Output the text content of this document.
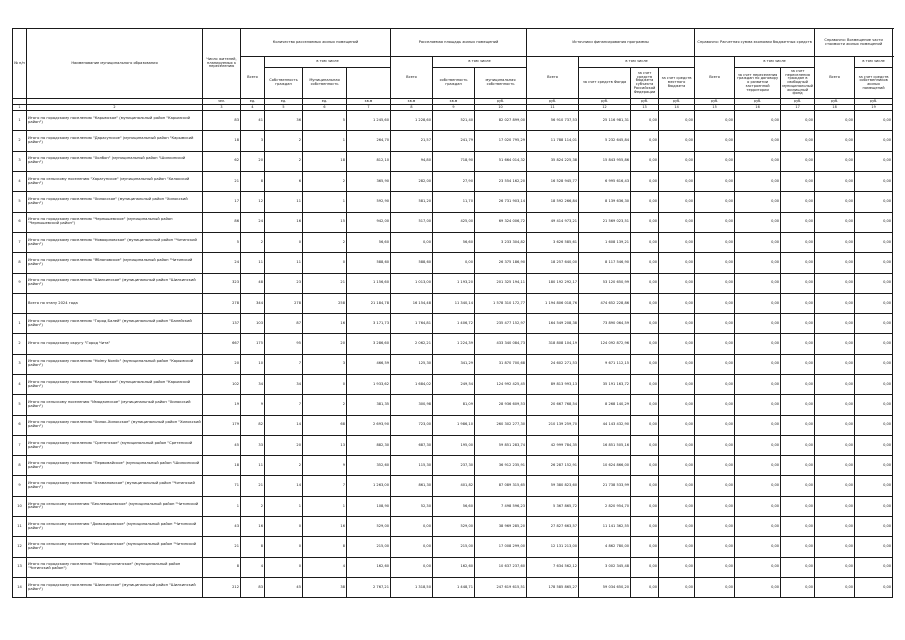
№ п/п	Наименование муниципального образования	Число жителей, планируемых к переселению	Количество расселяемых жилых помещений				Расселяемая площадь жилых помещений			Источники финансирования программы				Справочно: Расчетная сумма экономии бюджетных средств			Справочно: Возмещение части стоимости жилых помещений		
			Всего	в том числе			Всего	в том числе		Всего	в том числе			Всего	в том числе		Всего	в том числе	
				Собственность граждан	Муниципальная собственность			собственность граждан	муниципальная собственность		за счет средств Фонда	за счет средств бюджета субъекта Российской Федерации	за счет средств местного бюджета		за счет переселения граждан по договору о развитии застроенной территории	за счет переселения граждан в свободный муниципальный жилищный фонд		за счет средств собственников жилых помещений	
		чел.	ед.	ед.	ед.	кв.м	кв.м	кв.м	руб.	руб.	руб.	руб.	руб.	руб.	руб.	руб.	руб.	руб.	
1	2	3	4	5	6	7	8	9	10	11	12	13	14	15	16	17	18	19	
1	Итого по городскому поселению "Карымское" (муниципальный район "Карымский район")	83	41	36	5	1 245,60	1 228,60	521,40	82 027 899,00	56 910 737,53	25 116 981,31	0,00	0,00	0,00	0,00	0,00	0,00	0,00	
2	Итого по городскому поселению "Дарасунское" (муниципальный район "Карымский район")	18	3	2	1	264,70	21,57	241,79	17 020 795,29	11 788 114,01	5 232 645,84	0,00	0,00	0,00	0,00	0,00	0,00	0,00	
3	Итого по городскому поселению "Холбон" (муниципальный район "Шилкинский район")	62	20	2	18	812,10	94,80	718,90	51 664 014,32	35 824 225,38	15 843 955,86	0,00	0,00	0,00	0,00	0,00	0,00	0,00	
4	Итого по сельскому поселению "Харагунское" (муниципальный район "Хилокский район")	21	8	6	2	365,90	282,00	27,90	23 554 162,20	16 528 945,77	6 995 616,43	0,00	0,00	0,00	0,00	0,00	0,00	0,00	
5	Итого по городскому поселению "Хилокское" (муниципальный район "Хилокский район")	17	12	11	1	592,90	581,20	11,70	26 731 903,14	18 592 266,84	8 139 636,30	0,00	0,00	0,00	0,00	0,00	0,00	0,00	
6	Итого по городскому поселению "Чернышевское" (муниципальный район "Чернышевский район")	86	24	16	15	942,00	517,00	425,00	69 324 006,72	49 414 973,21	21 569 023,51	0,00	0,00	0,00	0,00	0,00	0,00	0,00	
7	Итого по городскому поселению "Новоорловское" (муниципальный район "Читинский район")	5	2	0	2	56,60	0,00	56,60	3 233 304,82	3 626 585,61	1 608 139,21	0,00	0,00	0,00	0,00	0,00	0,00	0,00	
8	Итого по городскому поселению "Яблоновское" (муниципальный район "Читинский район")	24	11	11	0	588,60	588,60	0,00	26 375 186,90	18 257 640,00	8 117 546,90	0,00	0,00	0,00	0,00	0,00	0,00	0,00	
9	Итого по городскому поселению "Шилкинское" (муниципальный район "Шилкинский район")	323	48	23	21	1 156,60	1 013,00	1 193,20	201 325 194,11	180 192 292,17	53 120 650,99	0,00	0,00	0,00	0,00	0,00	0,00	0,00	
	Всего по этапу 2024 года	278	344	278	258	21 184,78	16 154,48	11 340,14	1 578 310 172,77	1 194 806 018,76	474 652 228,86	0,00	0,00	0,00	0,00	0,00	0,00	0,00	
1	Итого по городскому поселению "Город Балей" (муниципальный район "Балейский район")	137	103	87	16	3 171,73	1 764,81	1 406,72	235 477 152,97	164 549 208,38	73 890 064,59	0,00	0,00	0,00	0,00	0,00	0,00	0,00	
2	Итого по городскому округу "Город Чита"	667	175	95	20	3 286,60	2 062,21	1 224,39	433 340 084,73	318 808 104,19	124 092 872,96	0,00	0,00	0,00	0,00	0,00	0,00	0,00	
3	Итого по городскому поселению "Holmy Nordic" (муниципальный район "Карымский район")	20	10	7	3	466,59	125,30	341,29	31 870 700,68	24 602 271,53	9 671 112,15	0,00	0,00	0,00	0,00	0,00	0,00	0,00	
4	Итого по городскому поселению "Карымское" (муниципальный район "Карымский район")	102	34	34	0	1 933,62	1 684,02	249,54	124 992 425,45	89 813 993,13	35 191 163,72	0,00	0,00	0,00	0,00	0,00	0,00	0,00	
5	Итого по сельскому поселению "Имодзинское" (муниципальный район "Хилокский район")	19	9	7	2	381,35	300,98	81,09	28 936 609,53	20 667 768,54	8 268 140,29	0,00	0,00	0,00	0,00	0,00	0,00	0,00	
6	Итого по городскому поселению "Хилок-Хилокское" (муниципальный район "Хилокский район")	179	82	14	68	2 693,90	723,00	1 986,10	260 302 277,30	210 139 259,70	44 143 432,90	0,00	0,00	0,00	0,00	0,00	0,00	0,00	
7	Итого по городскому поселению "Сретенское" (муниципальный район "Сретенский район")	45	33	20	13	882,30	687,30	195,00	59 851 283,74	42 999 784,35	16 851 505,16	0,00	0,00	0,00	0,00	0,00	0,00	0,00	
8	Итого по городскому поселению "Первомайское" (муниципальный район "Шилкинский район")	18	11	2	9	352,60	115,30	237,30	36 912 235,91	26 287 152,91	10 624 866,00	0,00	0,00	0,00	0,00	0,00	0,00	0,00	
9	Итого по городскому поселению "Атамановское" (муниципальный район "Читинский район")	71	21	14	7	1 263,00	861,30	401,82	87 089 315,65	59 380 823,60	21 738 533,99	0,00	0,00	0,00	0,00	0,00	0,00	0,00	
10	Итого по сельскому поселению "Беклемишевское" (муниципальный район "Читинский район")	1	2	1	1	108,90	52,30	56,60	7 498 596,23	5 367 865,72	2 820 954,70	0,00	0,00	0,00	0,00	0,00	0,00	0,00	
11	Итого по сельскому поселению "Доможировское" (муниципальный район "Читинский район")	43	16	0	16	529,00	0,00	529,00	38 969 285,20	27 827 663,57	11 141 362,55	0,00	0,00	0,00	0,00	0,00	0,00	0,00	
12	Итого по сельскому поселению "Никишихинское" (муниципальный район "Читинский район")	21	8	0	8	215,00	0,00	215,00	17 008 299,00	12 131 213,00	4 862 780,00	0,00	0,00	0,00	0,00	0,00	0,00	0,00	
13	Итого по городскому поселению "Новокручининское" (муниципальный район "Читинский район")	8	4	0	4	162,60	0,00	162,60	10 637 237,60	7 634 562,12	3 002 345,48	0,00	0,00	0,00	0,00	0,00	0,00	0,00	
14	Итого по городскому поселению "Шилкинское" (муниципальный район "Шилкинский район")	212	83	45	38	2 767,21	1 318,50	1 448,71	247 619 615,51	178 585 865,27	59 034 650,20	0,00	0,00	0,00	0,00	0,00	0,00	0,00	
